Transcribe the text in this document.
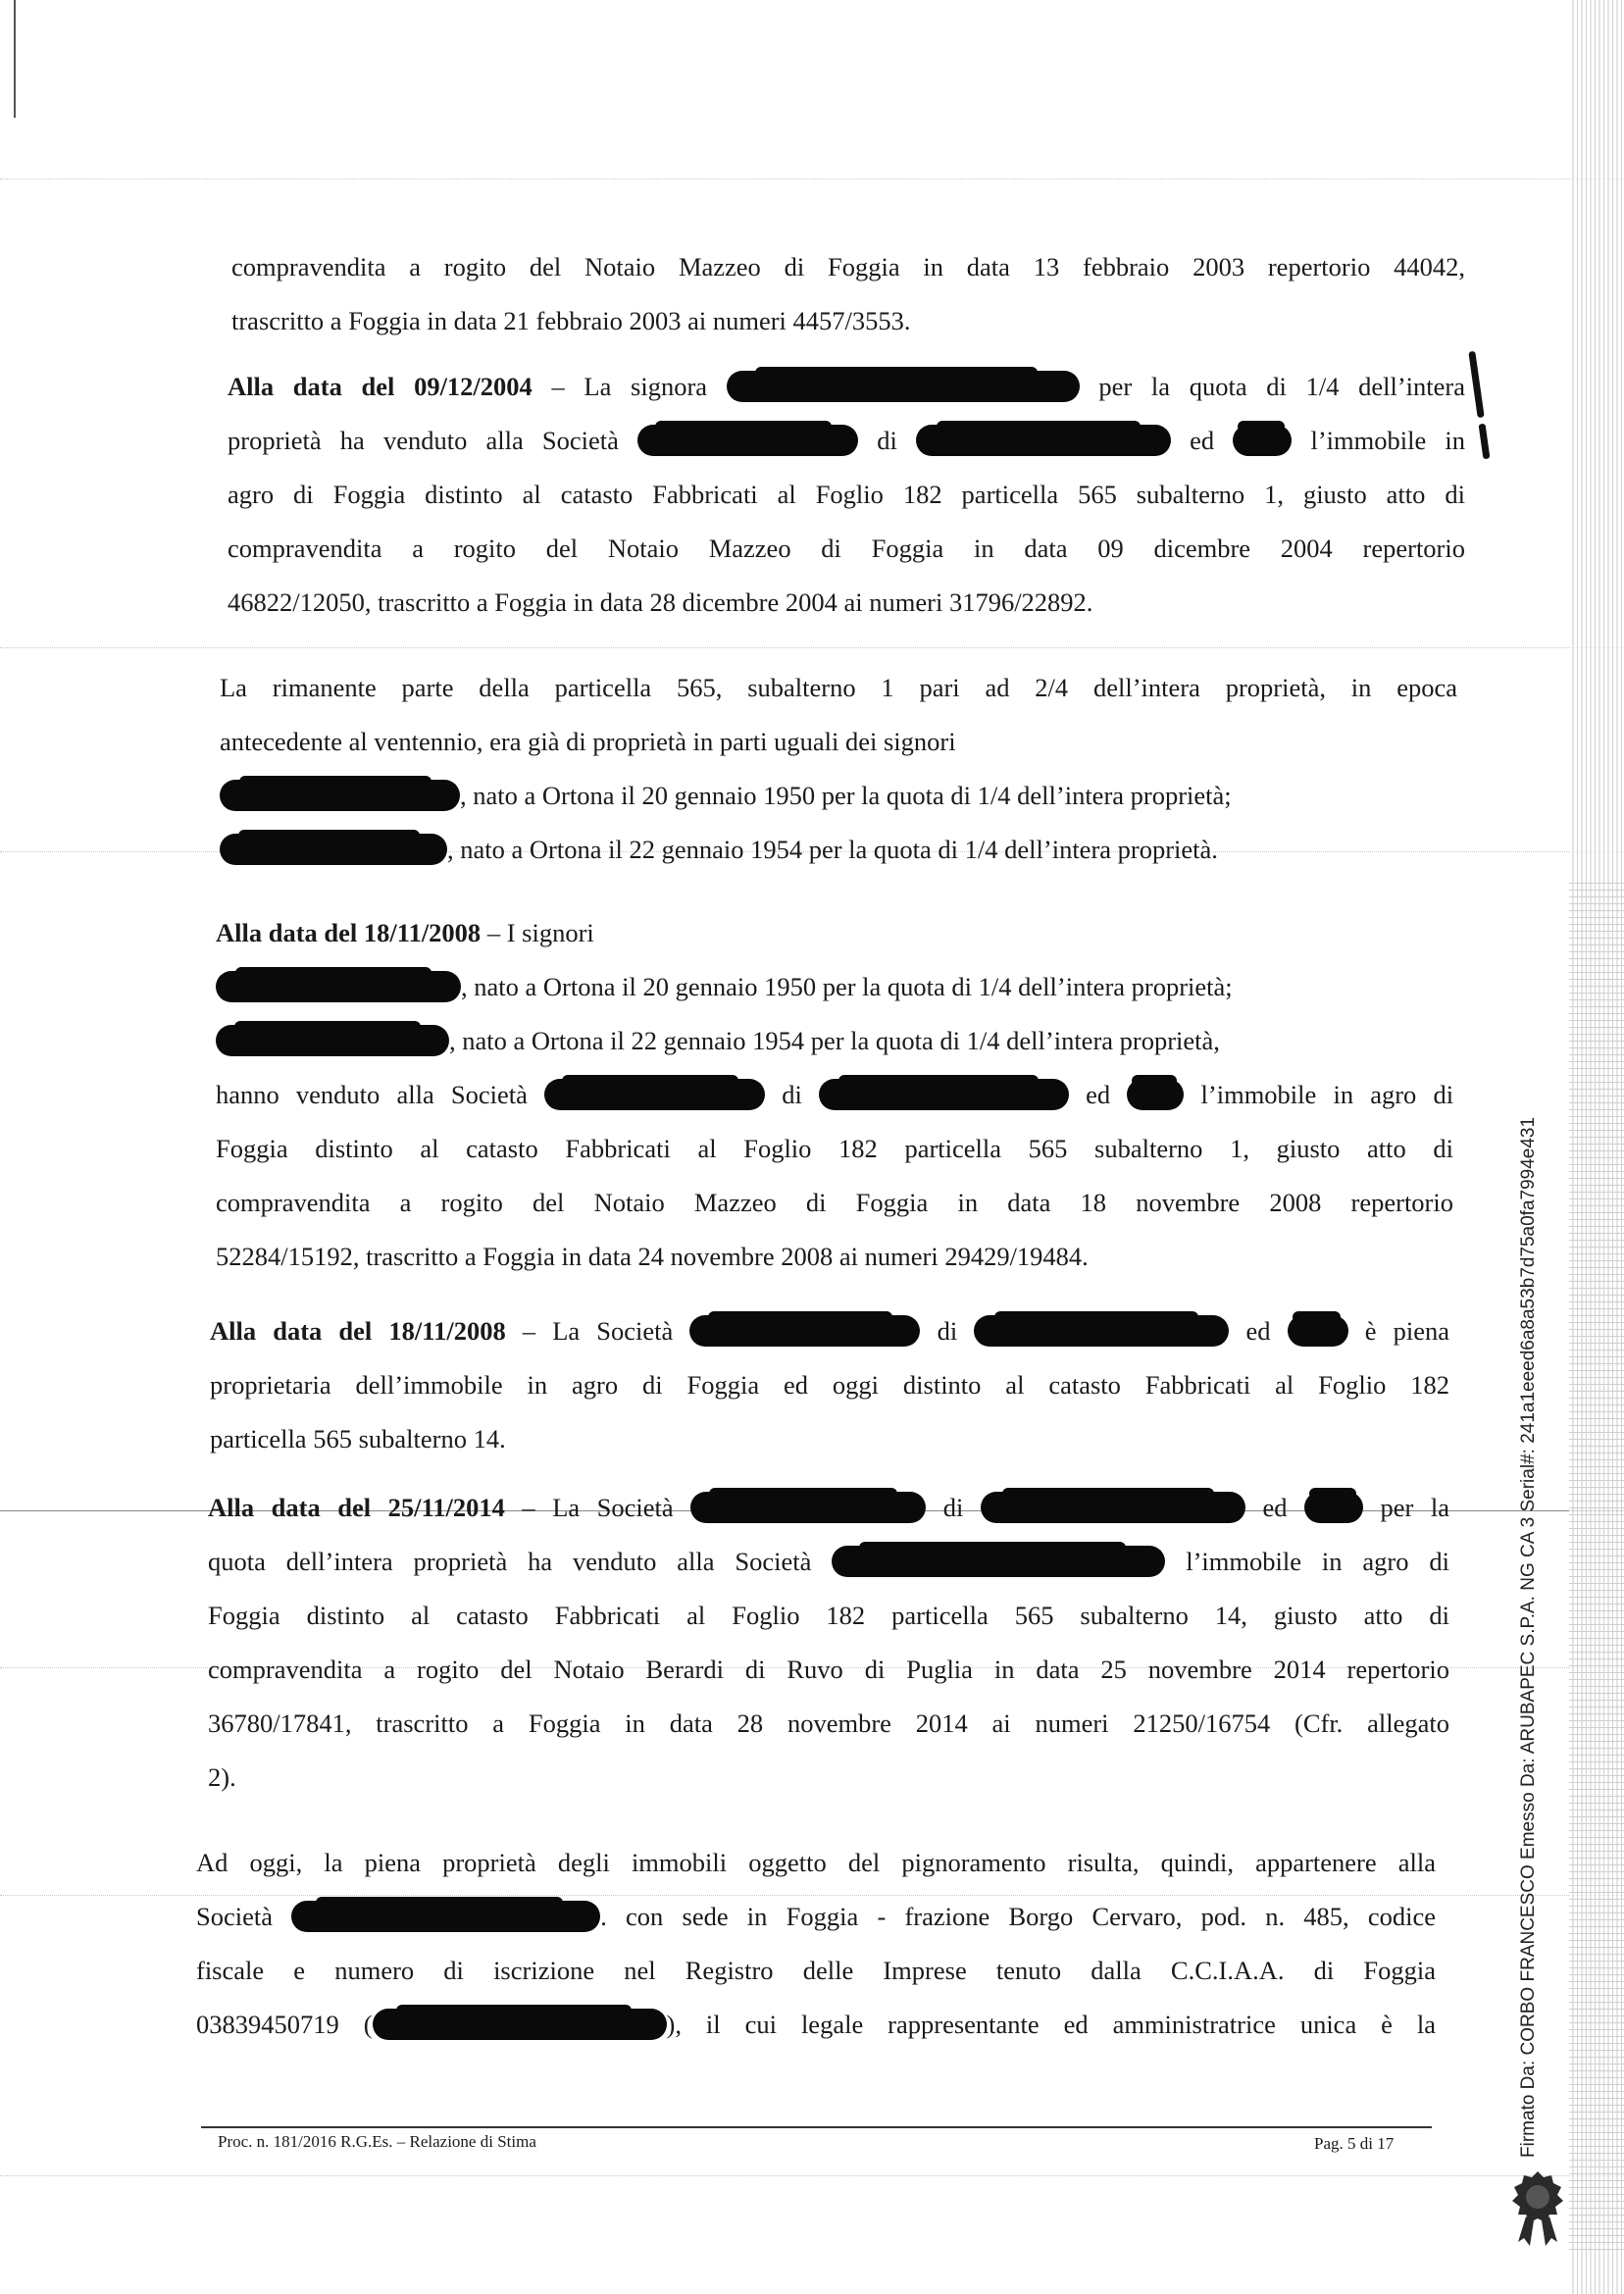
compravendita a rogito del Notaio Mazzeo di Foggia in data 13 febbraio 2003 repertorio 44042,
trascritto a Foggia in data 21 febbraio 2003 ai numeri 4457/3553.
Alla data del 09/12/2004 – La signora	per la quota di 1/4 dell’intera
proprietà ha venduto alla Società	di	ed	l’immobile in
agro di Foggia distinto al catasto Fabbricati al Foglio 182 particella 565 subalterno 1, giusto atto di
compravendita a rogito del Notaio Mazzeo di Foggia in data 09 dicembre 2004 repertorio
46822/12050, trascritto a Foggia in data 28 dicembre 2004 ai numeri 31796/22892.
La rimanente parte della particella 565, subalterno 1 pari ad 2/4 dell’intera proprietà, in epoca
antecedente al ventennio, era già di proprietà in parti uguali dei signori
, nato a Ortona il 20 gennaio 1950 per la quota di 1/4 dell’intera proprietà;
, nato a Ortona il 22 gennaio 1954 per la quota di 1/4 dell’intera proprietà.
Alla data del 18/11/2008 – I signori
, nato a Ortona il 20 gennaio 1950 per la quota di 1/4 dell’intera proprietà;
, nato a Ortona il 22 gennaio 1954 per la quota di 1/4 dell’intera proprietà,
hanno venduto alla Società	di	ed	l’immobile in agro di
Foggia distinto al catasto Fabbricati al Foglio 182 particella 565 subalterno 1, giusto atto di
compravendita a rogito del Notaio Mazzeo di Foggia in data 18 novembre 2008 repertorio
52284/15192, trascritto a Foggia in data 24 novembre 2008 ai numeri 29429/19484.
Alla data del 18/11/2008 – La Società	di	ed	è piena
proprietaria dell’immobile in agro di Foggia ed oggi distinto al catasto Fabbricati al Foglio 182
particella 565 subalterno 14.
Alla data del 25/11/2014 – La Società	di	ed	per la
quota dell’intera proprietà ha venduto alla Società	l’immobile in agro di
Foggia distinto al catasto Fabbricati al Foglio 182 particella 565 subalterno 14, giusto atto di
compravendita a rogito del Notaio Berardi di Ruvo di Puglia in data 25 novembre 2014 repertorio
36780/17841, trascritto a Foggia in data 28 novembre 2014 ai numeri 21250/16754 (Cfr. allegato
2).
Ad oggi, la piena proprietà degli immobili oggetto del pignoramento risulta, quindi, appartenere alla
Società	. con sede in Foggia - frazione Borgo Cervaro, pod. n. 485, codice
fiscale e numero di iscrizione nel Registro delle Imprese tenuto dalla C.C.I.A.A. di Foggia
03839450719 (	), il cui legale rappresentante ed amministratrice unica è la
Proc. n. 181/2016 R.G.Es. – Relazione di Stima	Pag. 5 di 17	Firmato Da: CORBO FRANCESCO Emesso Da: ARUBAPEC S.P.A. NG CA 3 Serial#: 241a1eeed6a8a53b7d75a0fa7994e431
